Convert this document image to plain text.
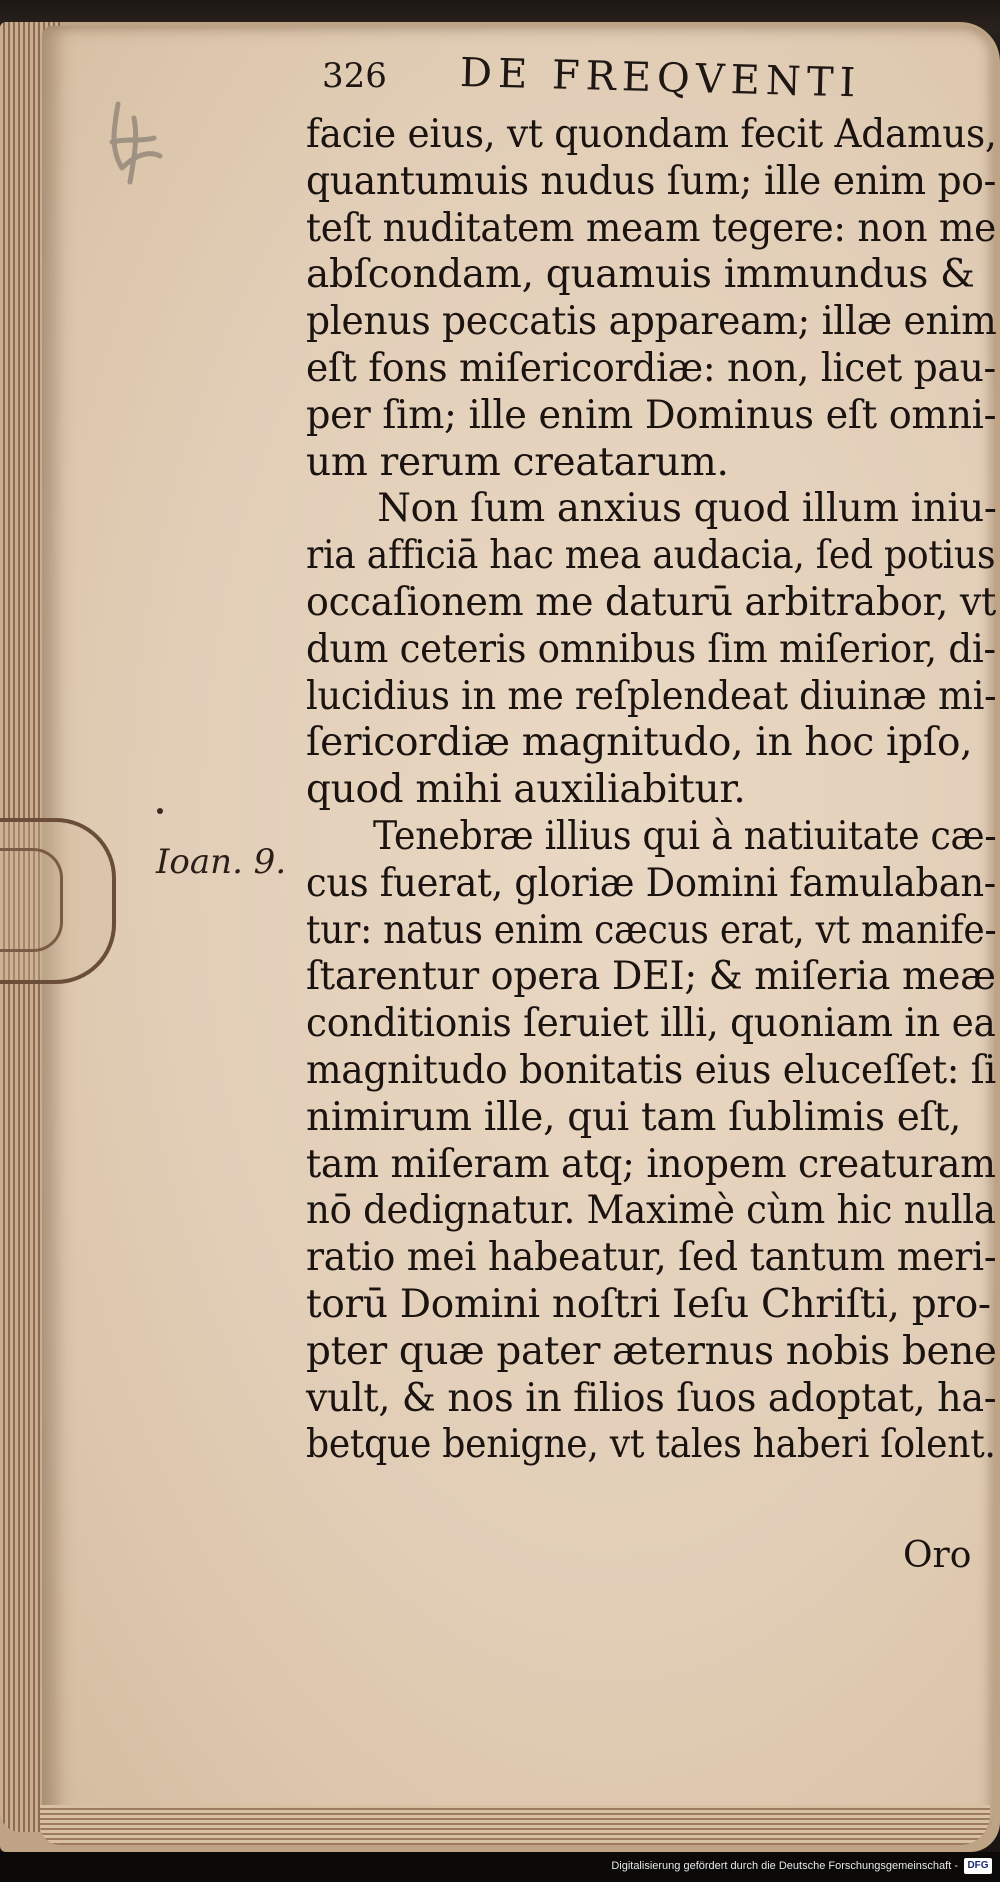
326 DE FREQVENTI
Ioan. 9.
facie eius, vt quondam fecit Adamus,
quantumuis nudus ſum; ille enim po-
teſt nuditatem meam tegere: non me
abſcondam, quamuis immundus &
plenus peccatis appaream; illæ enim
eſt fons miſericordiæ: non, licet pau-
per ſim; ille enim Dominus eſt omni-
um rerum creatarum.
Non ſum anxius quod illum iniu-
ria afficiā hac mea audacia, ſed potius
occaſionem me daturū arbitrabor, vt
dum ceteris omnibus ſim miſerior, di-
lucidius in me reſplendeat diuinæ mi-
ſericordiæ magnitudo, in hoc ipſo,
quod mihi auxiliabitur.
Tenebræ illius qui à natiuitate cæ-
cus fuerat, gloriæ Domini famulaban-
tur: natus enim cæcus erat, vt manife-
ſtarentur opera DEI; & miſeria meæ
conditionis ſeruiet illi, quoniam in ea
magnitudo bonitatis eius eluceſſet: ſi
nimirum ille, qui tam ſublimis eſt,
tam miſeram atq; inopem creaturam
nō dedignatur. Maximè cùm hic nulla
ratio mei habeatur, ſed tantum meri-
torū Domini noſtri Ieſu Chriſti, pro-
pter quæ pater æternus nobis bene
vult, & nos in filios ſuos adoptat, ha-
betque benigne, vt tales haberi ſolent.
Oro
Digitalisierung gefördert durch die Deutsche Forschungsgemeinschaft - DFG
